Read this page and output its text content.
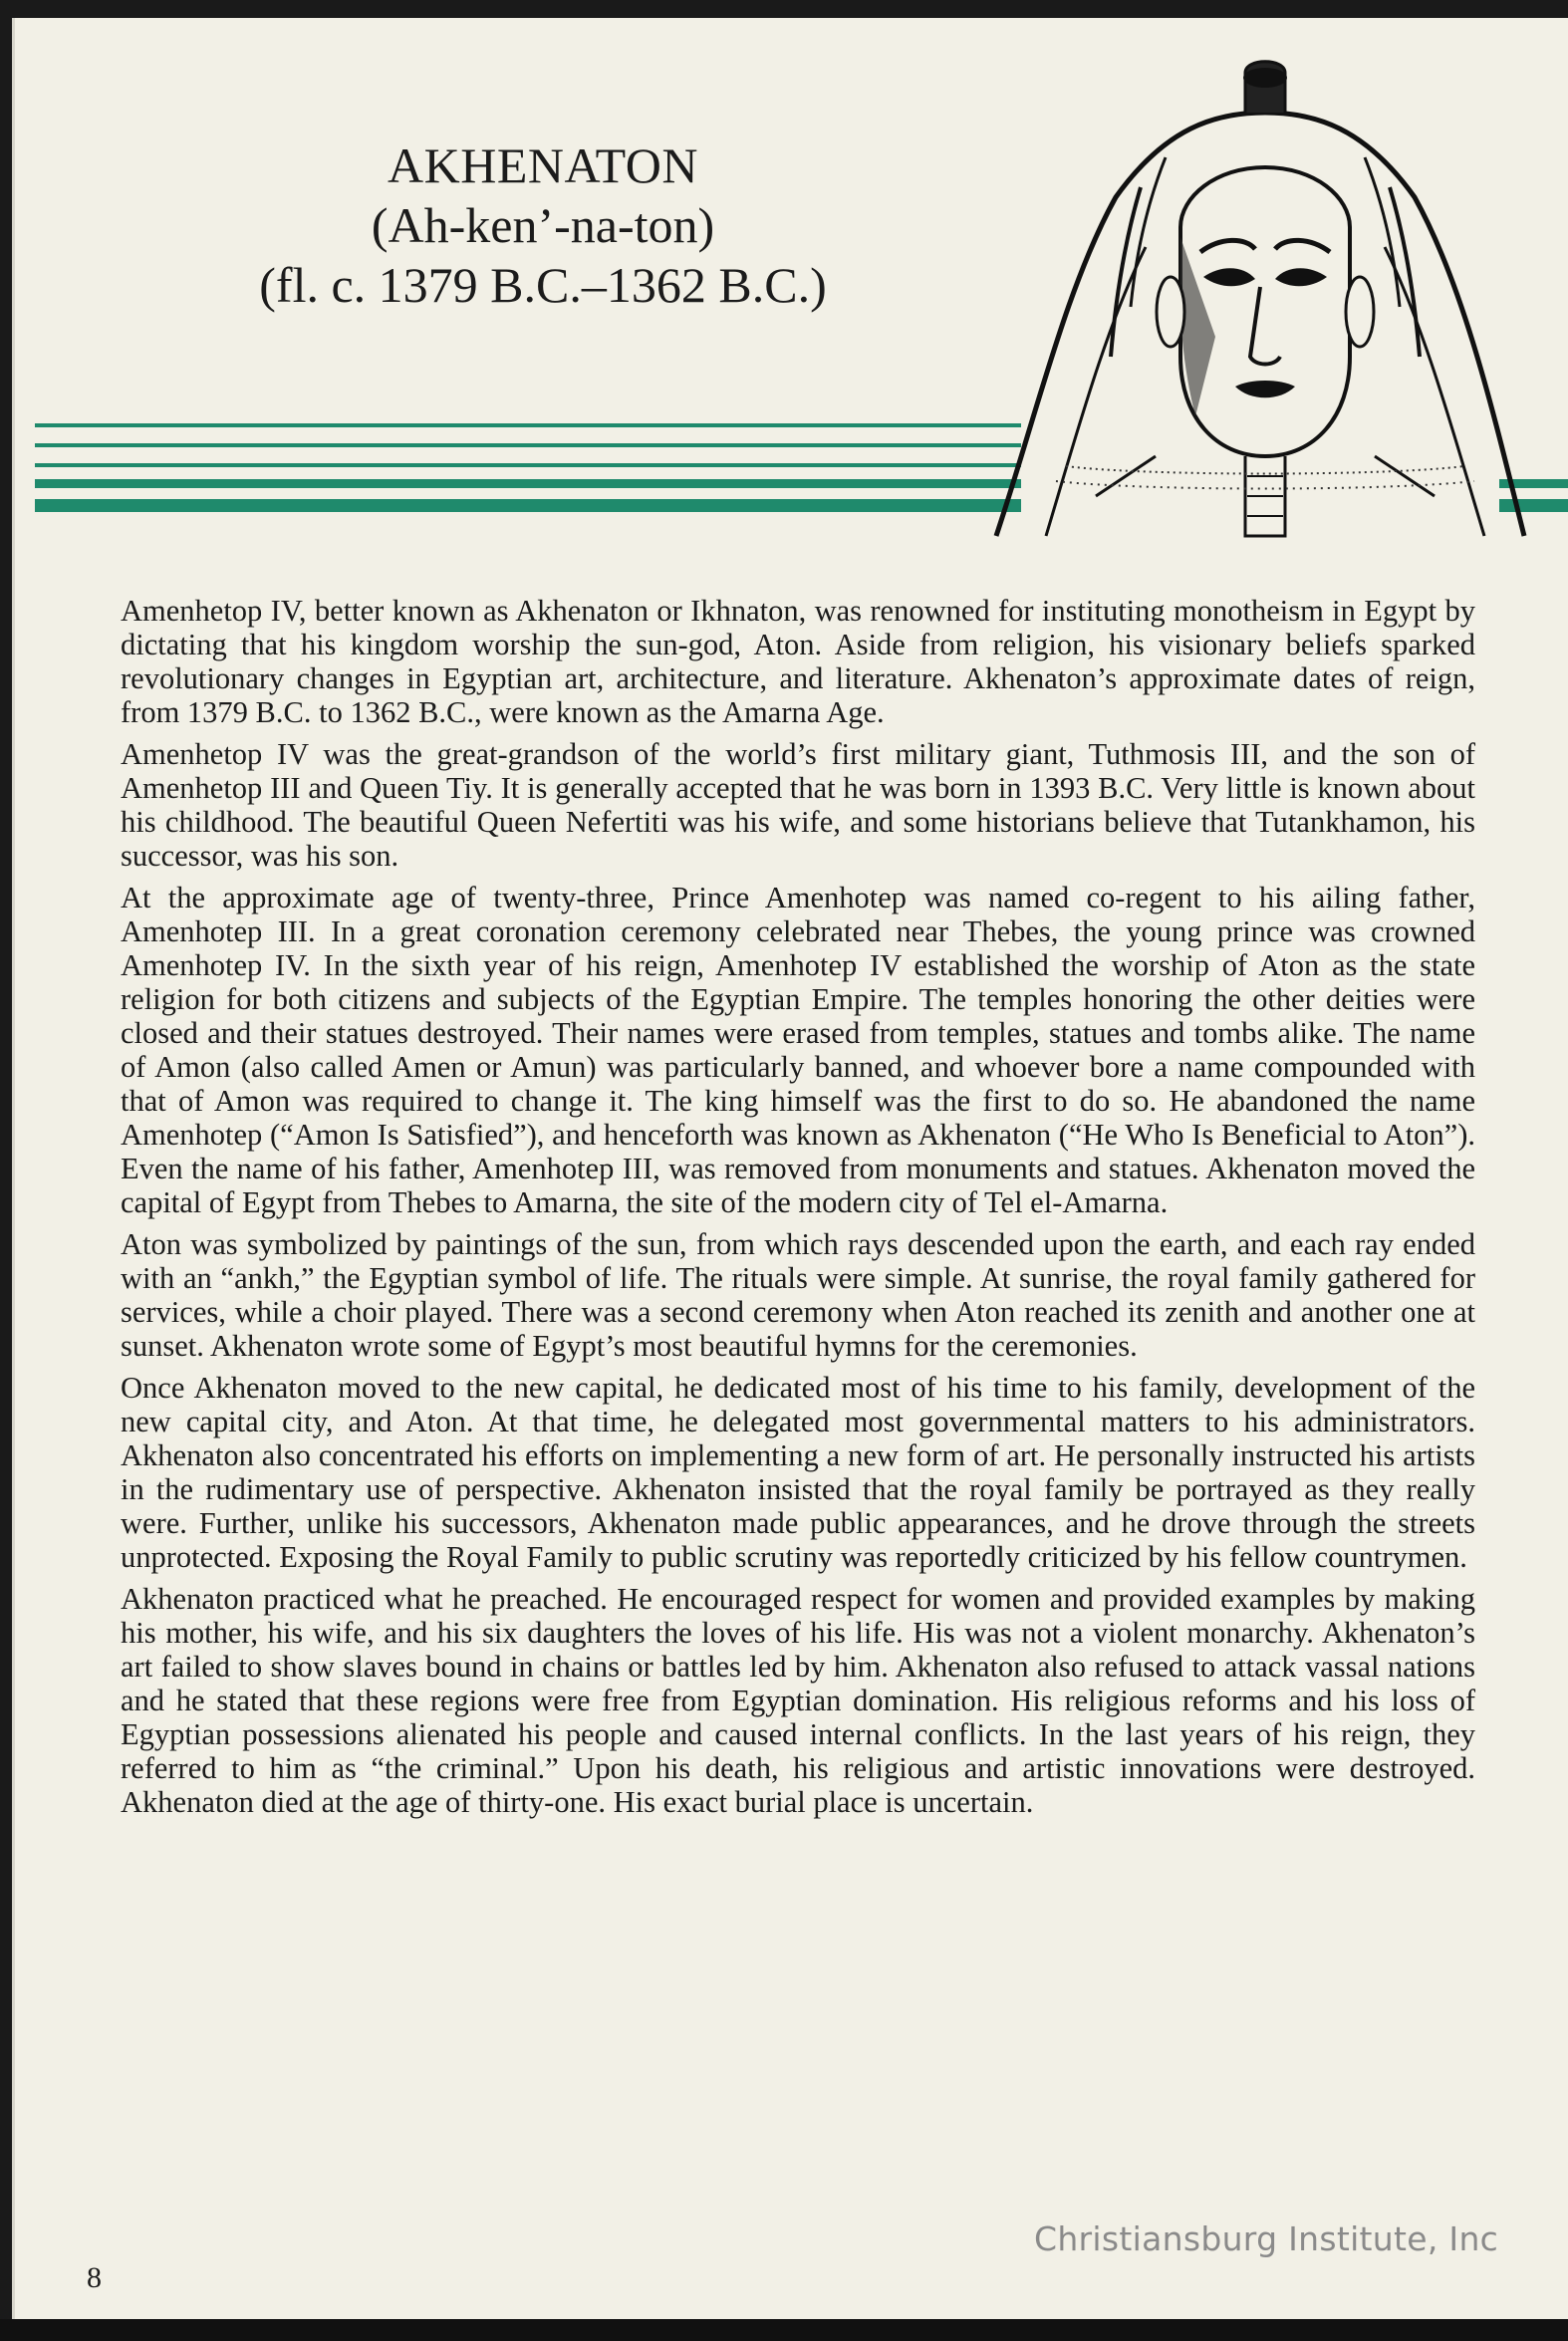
AKHENATON
(Ah-ken’-na-ton)
(fl. c. 1379 B.C.–1362 B.C.)

Amenhetop IV, better known as Akhenaton or Ikhnaton, was renowned for instituting monotheism in Egypt by dictating that his kingdom worship the sun-god, Aton. Aside from religion, his visionary beliefs sparked revolutionary changes in Egyptian art, architecture, and literature. Akhenaton’s approximate dates of reign, from 1379 B.C. to 1362 B.C., were known as the Amarna Age.

Amenhetop IV was the great-grandson of the world’s first military giant, Tuthmosis III, and the son of Amenhetop III and Queen Tiy. It is generally accepted that he was born in 1393 B.C. Very little is known about his childhood. The beautiful Queen Nefertiti was his wife, and some historians believe that Tutankhamon, his successor, was his son.

At the approximate age of twenty-three, Prince Amenhotep was named co-regent to his ailing father, Amenhotep III. In a great coronation ceremony celebrated near Thebes, the young prince was crowned Amenhotep IV. In the sixth year of his reign, Amenhotep IV established the worship of Aton as the state religion for both citizens and subjects of the Egyptian Empire. The temples honoring the other deities were closed and their statues destroyed. Their names were erased from temples, statues and tombs alike. The name of Amon (also called Amen or Amun) was particularly banned, and whoever bore a name compounded with that of Amon was required to change it. The king himself was the first to do so. He abandoned the name Amenhotep (“Amon Is Satisfied”), and henceforth was known as Akhenaton (“He Who Is Beneficial to Aton”). Even the name of his father, Amenhotep III, was removed from monuments and statues. Akhenaton moved the capital of Egypt from Thebes to Amarna, the site of the modern city of Tel el-Amarna.

Aton was symbolized by paintings of the sun, from which rays descended upon the earth, and each ray ended with an “ankh,” the Egyptian symbol of life. The rituals were simple. At sunrise, the royal family gathered for services, while a choir played. There was a second ceremony when Aton reached its zenith and another one at sunset. Akhenaton wrote some of Egypt’s most beautiful hymns for the ceremonies.

Once Akhenaton moved to the new capital, he dedicated most of his time to his family, development of the new capital city, and Aton. At that time, he delegated most governmental matters to his administrators. Akhenaton also concentrated his efforts on implementing a new form of art. He personally instructed his artists in the rudimentary use of perspective. Akhenaton insisted that the royal family be portrayed as they really were. Further, unlike his successors, Akhenaton made public appearances, and he drove through the streets unprotected. Exposing the Royal Family to public scrutiny was reportedly criticized by his fellow countrymen.

Akhenaton practiced what he preached. He encouraged respect for women and provided examples by making his mother, his wife, and his six daughters the loves of his life. His was not a violent monarchy. Akhenaton’s art failed to show slaves bound in chains or battles led by him. Akhenaton also refused to attack vassal nations and he stated that these regions were free from Egyptian domination. His religious reforms and his loss of Egyptian possessions alienated his people and caused internal conflicts. In the last years of his reign, they referred to him as “the criminal.” Upon his death, his religious and artistic innovations were destroyed. Akhenaton died at the age of thirty-one. His exact burial place is uncertain.

8
Christiansburg Institute, Inc
